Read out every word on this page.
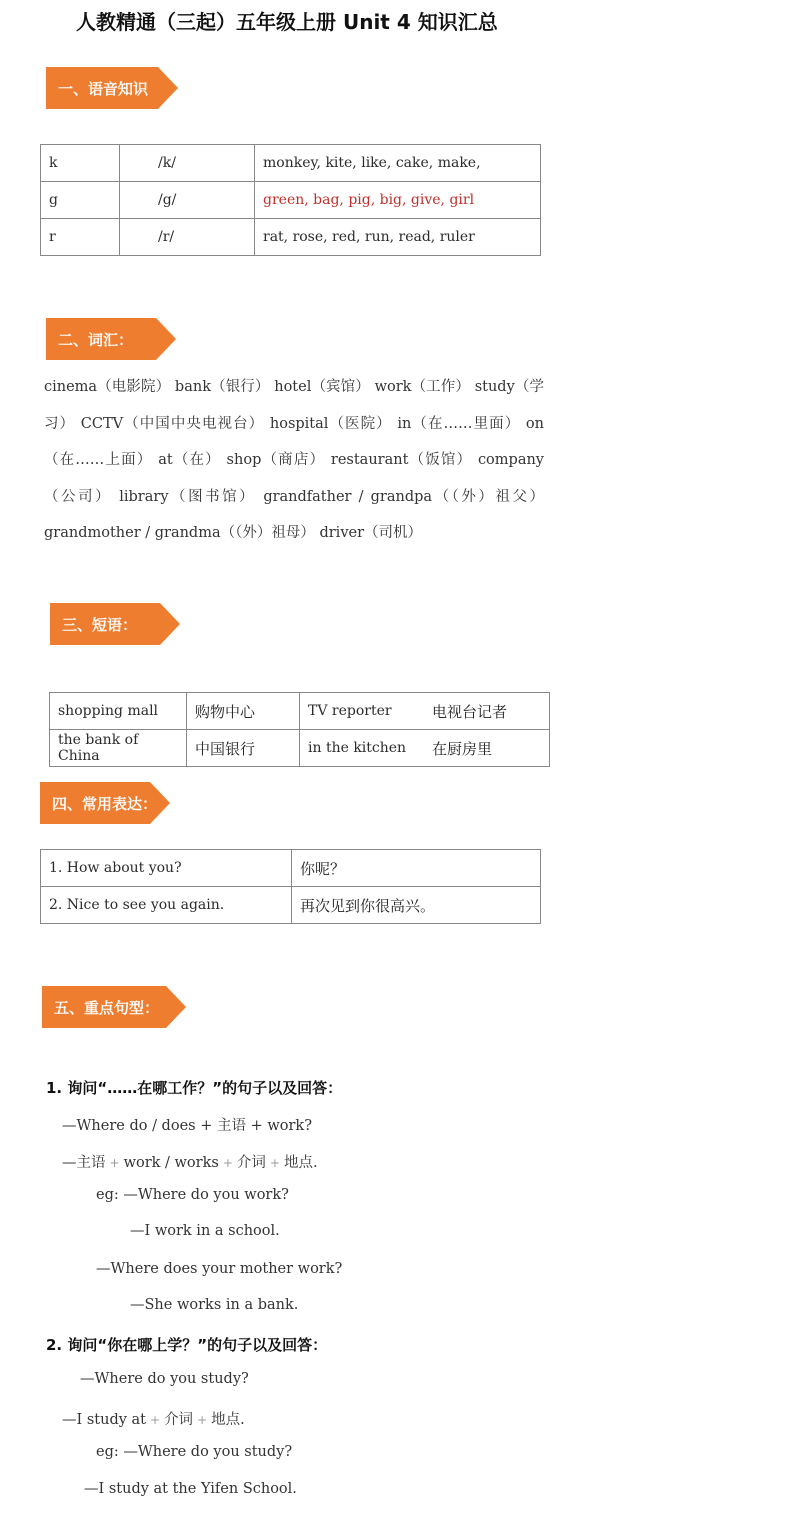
人教精通（三起）五年级上册 Unit 4 知识汇总
一、语音知识
k	/k/	monkey, kite, like, cake, make,
g	/g/	green, bag, pig, big, give, girl
r	/r/	rat, rose, red, run, read, ruler
二、词汇：
cinema（电影院） bank（银行） hotel（宾馆） work（工作） study（学习） CCTV（中国中央电视台） hospital（医院） in（在……里面） on（在……上面） at（在） shop（商店） restaurant（饭馆） company（公司） library（图书馆） grandfather / grandpa（（外）祖父） grandmother / grandma（（外）祖母） driver（司机）
三、短语：
shopping mall	购物中心	TV reporter	电视台记者
the bank of China	中国银行	in the kitchen	在厨房里
四、常用表达：
1. How about you?	你呢？
2. Nice to see you again.	再次见到你很高兴。
五、重点句型：
1. 询问“……在哪工作？”的句子以及回答：
—Where do / does + 主语 + work?
—主语 + work / works + 介词 + 地点.
eg: —Where do you work?
—I work in a school.
—Where does your mother work?
—She works in a bank.
2. 询问“你在哪上学？”的句子以及回答：
—Where do you study?
—I study at + 介词 + 地点.
eg: —Where do you study?
—I study at the Yifen School.
